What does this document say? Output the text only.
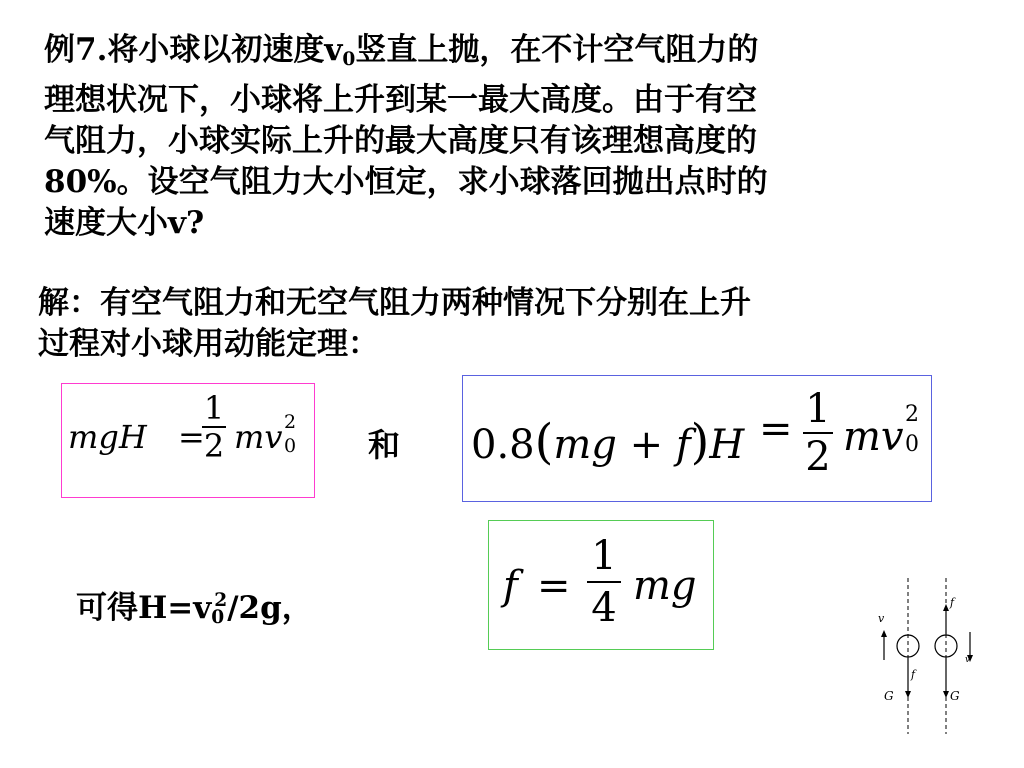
例7.将小球以初速度$v_0$竖直上抛，在不计空气阻力的
理想状况下，小球将上升到某一最大高度。由于有空
气阻力，小球实际上升的最大高度只有该理想高度的
80%。设空气阻力大小恒定，求小球落回抛出点时的
速度大小v?
解：有空气阻力和无空气阻力两种情况下分别在上升
过程对小球用动能定理：
mgH =
1
2 mv 2
0 和 0.8(mg + f)H = 1
2 mv 2
0
f =
1
4 mg
可得$H=v_0^2/2g$，	v
f
G
f
v
G
